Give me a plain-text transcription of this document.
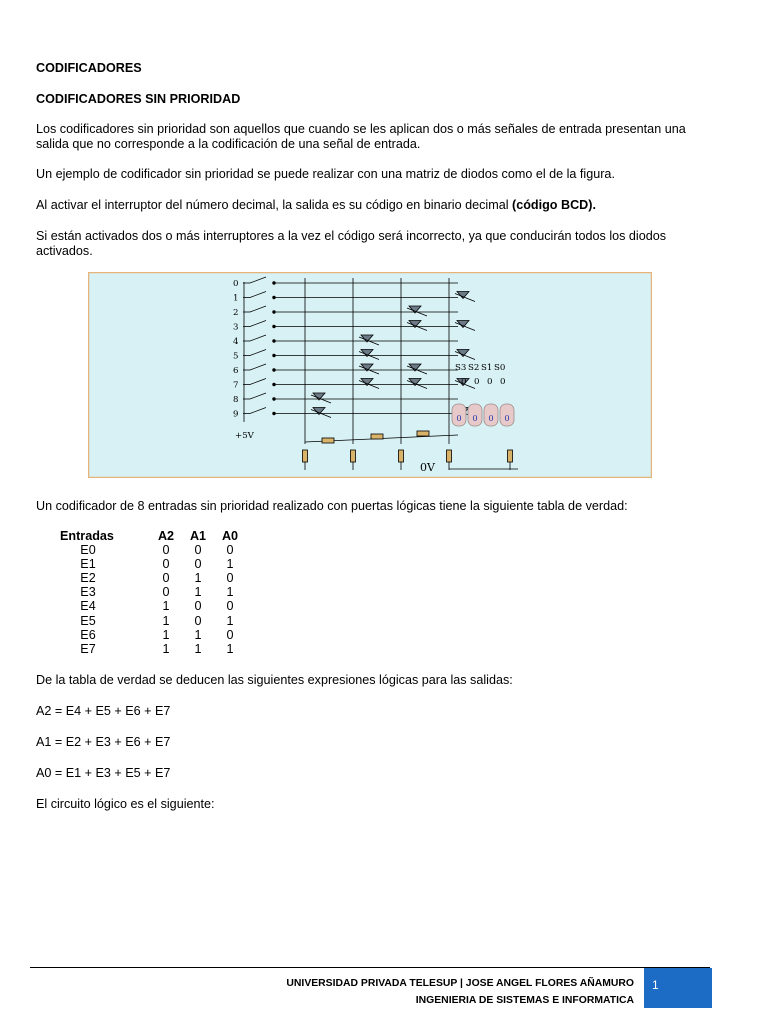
CODIFICADORES

CODIFICADORES SIN PRIORIDAD

Los codificadores sin prioridad son aquellos que cuando se les aplican dos o más señales de entrada presentan una

salida que no corresponde a la codificación de una señal de entrada.

Un ejemplo de codificador sin prioridad se puede realizar con una matriz de diodos como el de la figura.

Al activar el interruptor del número decimal, la salida es su código en binario decimal (código BCD).

Si están activados dos o más interruptores a la vez el código será incorrecto, ya que conducirán todos los diodos

activados.

0
1
2
3
4
5
6
7
8
9
+5V
S3
0
S2
0
S1
0
S0
0
0 0 0 0
0V

Un codificador de 8 entradas sin prioridad realizado con puertas lógicas tiene la siguiente tabla de verdad:

Entradas	A2	A1	A0
E0	0	0	0
E1	0	0	1
E2	0	1	0
E3	0	1	1
E4	1	0	0
E5	1	0	1
E6	1	1	0
E7	1	1	1

De la tabla de verdad se deducen las siguientes expresiones lógicas para las salidas:

A2 = E4 + E5 + E6 + E7

A1 = E2 + E3 + E6 + E7

A0 = E1 + E3 + E5 + E7

El circuito lógico es el siguiente:

UNIVERSIDAD PRIVADA TELESUP | JOSE ANGEL FLORES AÑAMURO
INGENIERIA DE SISTEMAS E INFORMATICA
1
